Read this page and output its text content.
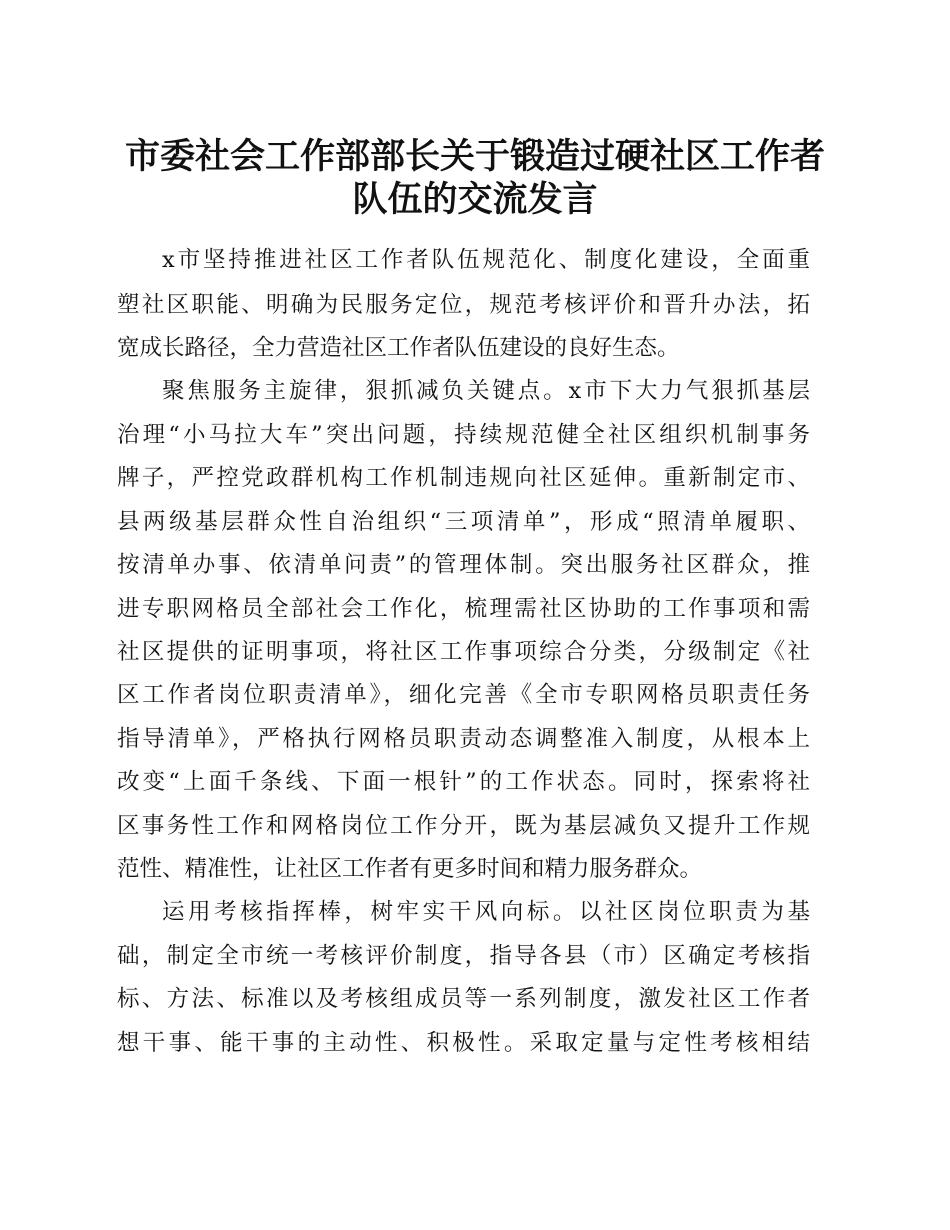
市委社会工作部部长关于锻造过硬社区工作者
队伍的交流发言
x市坚持推进社区工作者队伍规范化、制度化建设，全面重
塑社区职能、明确为民服务定位，规范考核评价和晋升办法，拓
宽成长路径，全力营造社区工作者队伍建设的良好生态。
聚焦服务主旋律，狠抓减负关键点。x市下大力气狠抓基层
治理“小马拉大车”突出问题，持续规范健全社区组织机制事务
牌子，严控党政群机构工作机制违规向社区延伸。重新制定市、
县两级基层群众性自治组织“三项清单”，形成“照清单履职、
按清单办事、依清单问责”的管理体制。突出服务社区群众，推
进专职网格员全部社会工作化，梳理需社区协助的工作事项和需
社区提供的证明事项，将社区工作事项综合分类，分级制定《社
区工作者岗位职责清单》，细化完善《全市专职网格员职责任务
指导清单》，严格执行网格员职责动态调整准入制度，从根本上
改变“上面千条线、下面一根针”的工作状态。同时，探索将社
区事务性工作和网格岗位工作分开，既为基层减负又提升工作规
范性、精准性，让社区工作者有更多时间和精力服务群众。
运用考核指挥棒，树牢实干风向标。以社区岗位职责为基
础，制定全市统一考核评价制度，指导各县（市）区确定考核指
标、方法、标准以及考核组成员等一系列制度，激发社区工作者
想干事、能干事的主动性、积极性。采取定量与定性考核相结
